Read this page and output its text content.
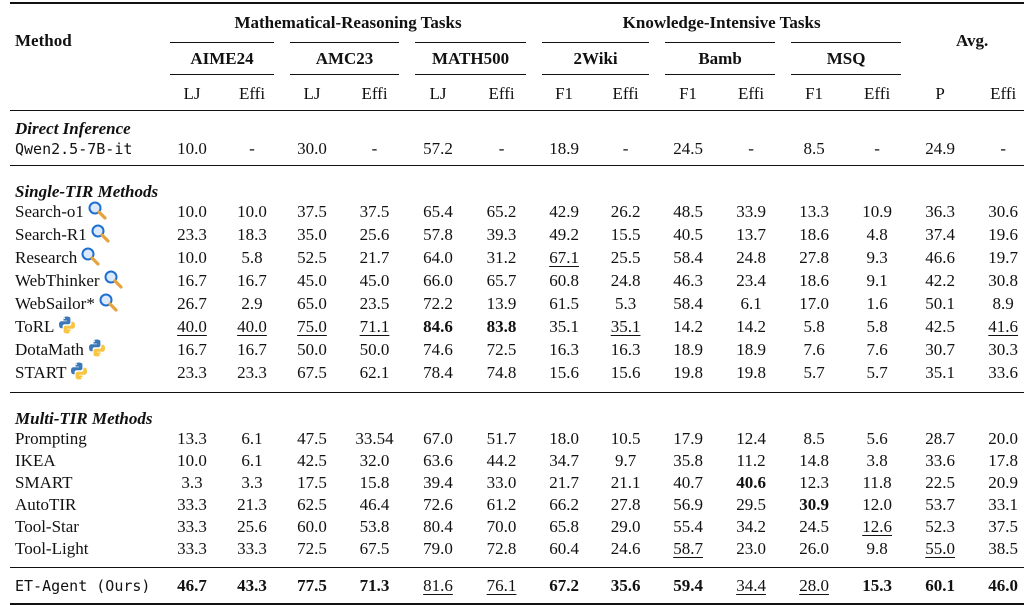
Method	Mathematical-Reasoning Tasks						Knowledge-Intensive Tasks						Avg.	

	AIME24		AMC23		MATH500		2Wiki		Bamb		MSQ			

	LJ	Effi	LJ	Effi	LJ	Effi	F1	Effi	F1	Effi	F1	Effi	P	Effi
Direct Inference														
Qwen2.5-7B-it	10.0	-	30.0	-	57.2	-	18.9	-	24.5	-	8.5	-	24.9	-

Single-TIR Methods														
Search-o1	10.0	10.0	37.5	37.5	65.4	65.2	42.9	26.2	48.5	33.9	13.3	10.9	36.3	30.6
Search-R1	23.3	18.3	35.0	25.6	57.8	39.3	49.2	15.5	40.5	13.7	18.6	4.8	37.4	19.6
Research	10.0	5.8	52.5	21.7	64.0	31.2	67.1	25.5	58.4	24.8	27.8	9.3	46.6	19.7
WebThinker	16.7	16.7	45.0	45.0	66.0	65.7	60.8	24.8	46.3	23.4	18.6	9.1	42.2	30.8
WebSailor*	26.7	2.9	65.0	23.5	72.2	13.9	61.5	5.3	58.4	6.1	17.0	1.6	50.1	8.9
ToRL	40.0	40.0	75.0	71.1	84.6	83.8	35.1	35.1	14.2	14.2	5.8	5.8	42.5	41.6
DotaMath	16.7	16.7	50.0	50.0	74.6	72.5	16.3	16.3	18.9	18.9	7.6	7.6	30.7	30.3
START	23.3	23.3	67.5	62.1	78.4	74.8	15.6	15.6	19.8	19.8	5.7	5.7	35.1	33.6

Multi-TIR Methods														
Prompting	13.3	6.1	47.5	33.54	67.0	51.7	18.0	10.5	17.9	12.4	8.5	5.6	28.7	20.0
IKEA	10.0	6.1	42.5	32.0	63.6	44.2	34.7	9.7	35.8	11.2	14.8	3.8	33.6	17.8
SMART	3.3	3.3	17.5	15.8	39.4	33.0	21.7	21.1	40.7	40.6	12.3	11.8	22.5	20.9
AutoTIR	33.3	21.3	62.5	46.4	72.6	61.2	66.2	27.8	56.9	29.5	30.9	12.0	53.7	33.1
Tool-Star	33.3	25.6	60.0	53.8	80.4	70.0	65.8	29.0	55.4	34.2	24.5	12.6	52.3	37.5
Tool-Light	33.3	33.3	72.5	67.5	79.0	72.8	60.4	24.6	58.7	23.0	26.0	9.8	55.0	38.5

ET-Agent (Ours)	46.7	43.3	77.5	71.3	81.6	76.1	67.2	35.6	59.4	34.4	28.0	15.3	60.1	46.0
